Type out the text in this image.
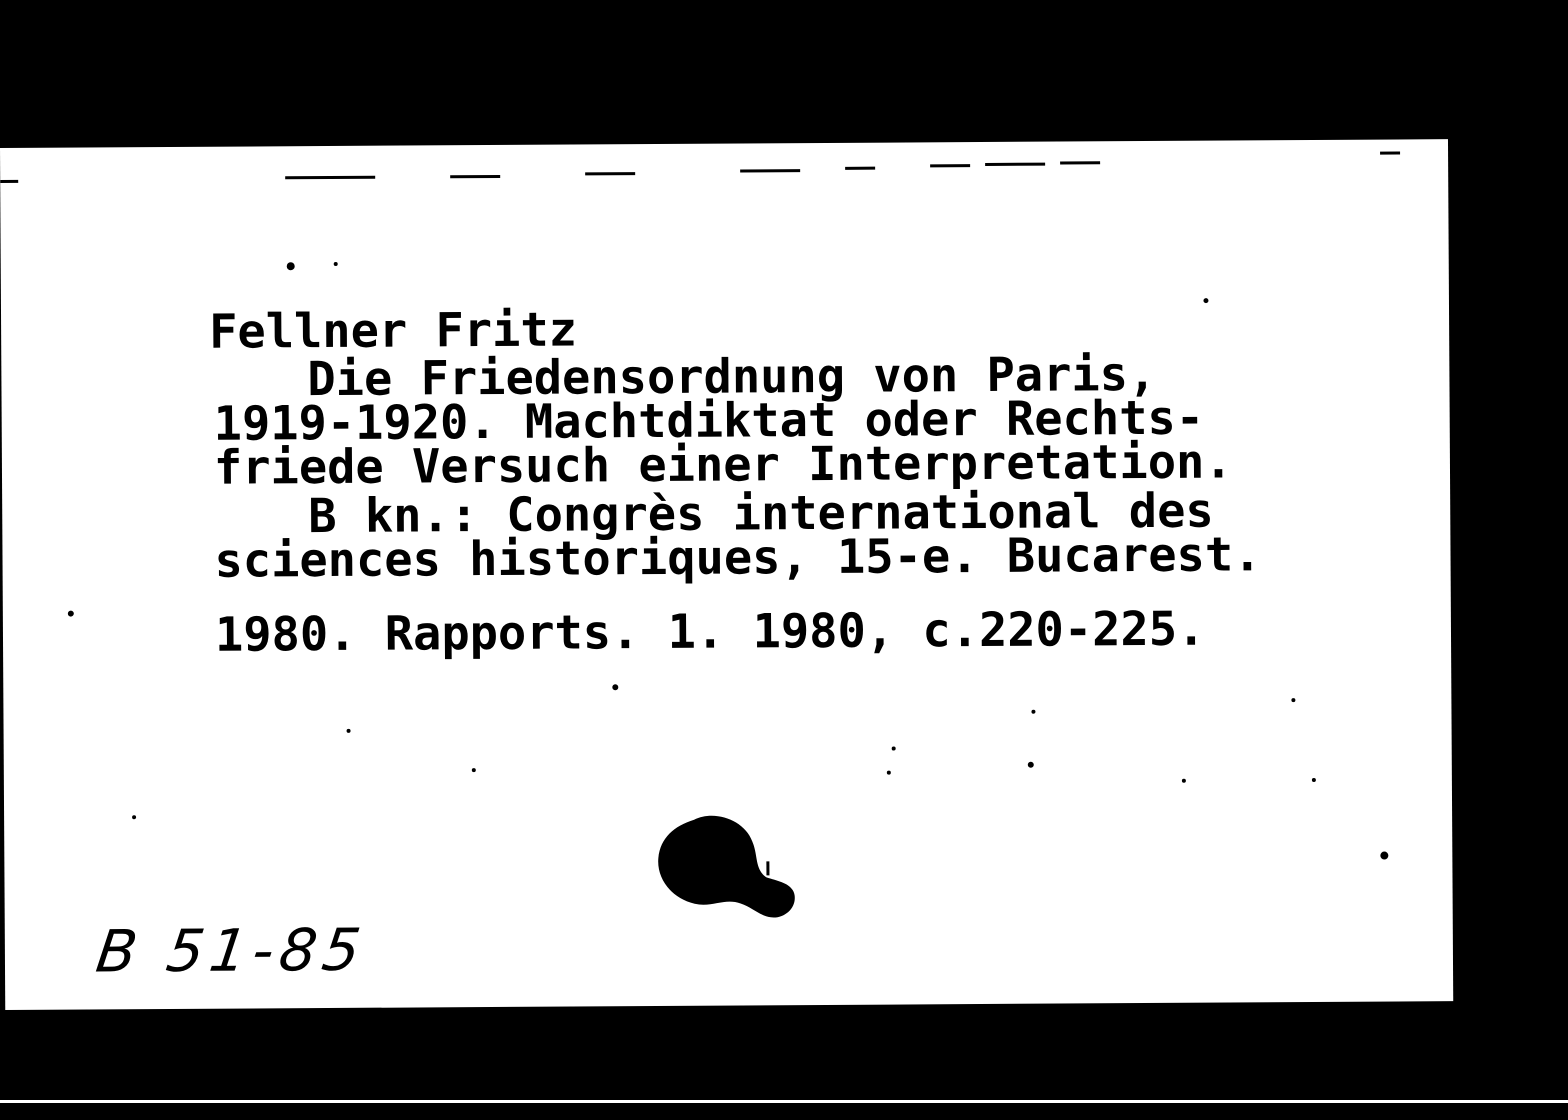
Fellner Fritz
Die Friedensordnung von Paris,
1919-1920. Machtdiktat oder Rechts-
friede Versuch einer Interpretation.
B kn.: Congrès international des
sciences historiques, 15-e. Bucarest.
1980. Rapports. 1. 1980, c.220-225.
B 51-85
